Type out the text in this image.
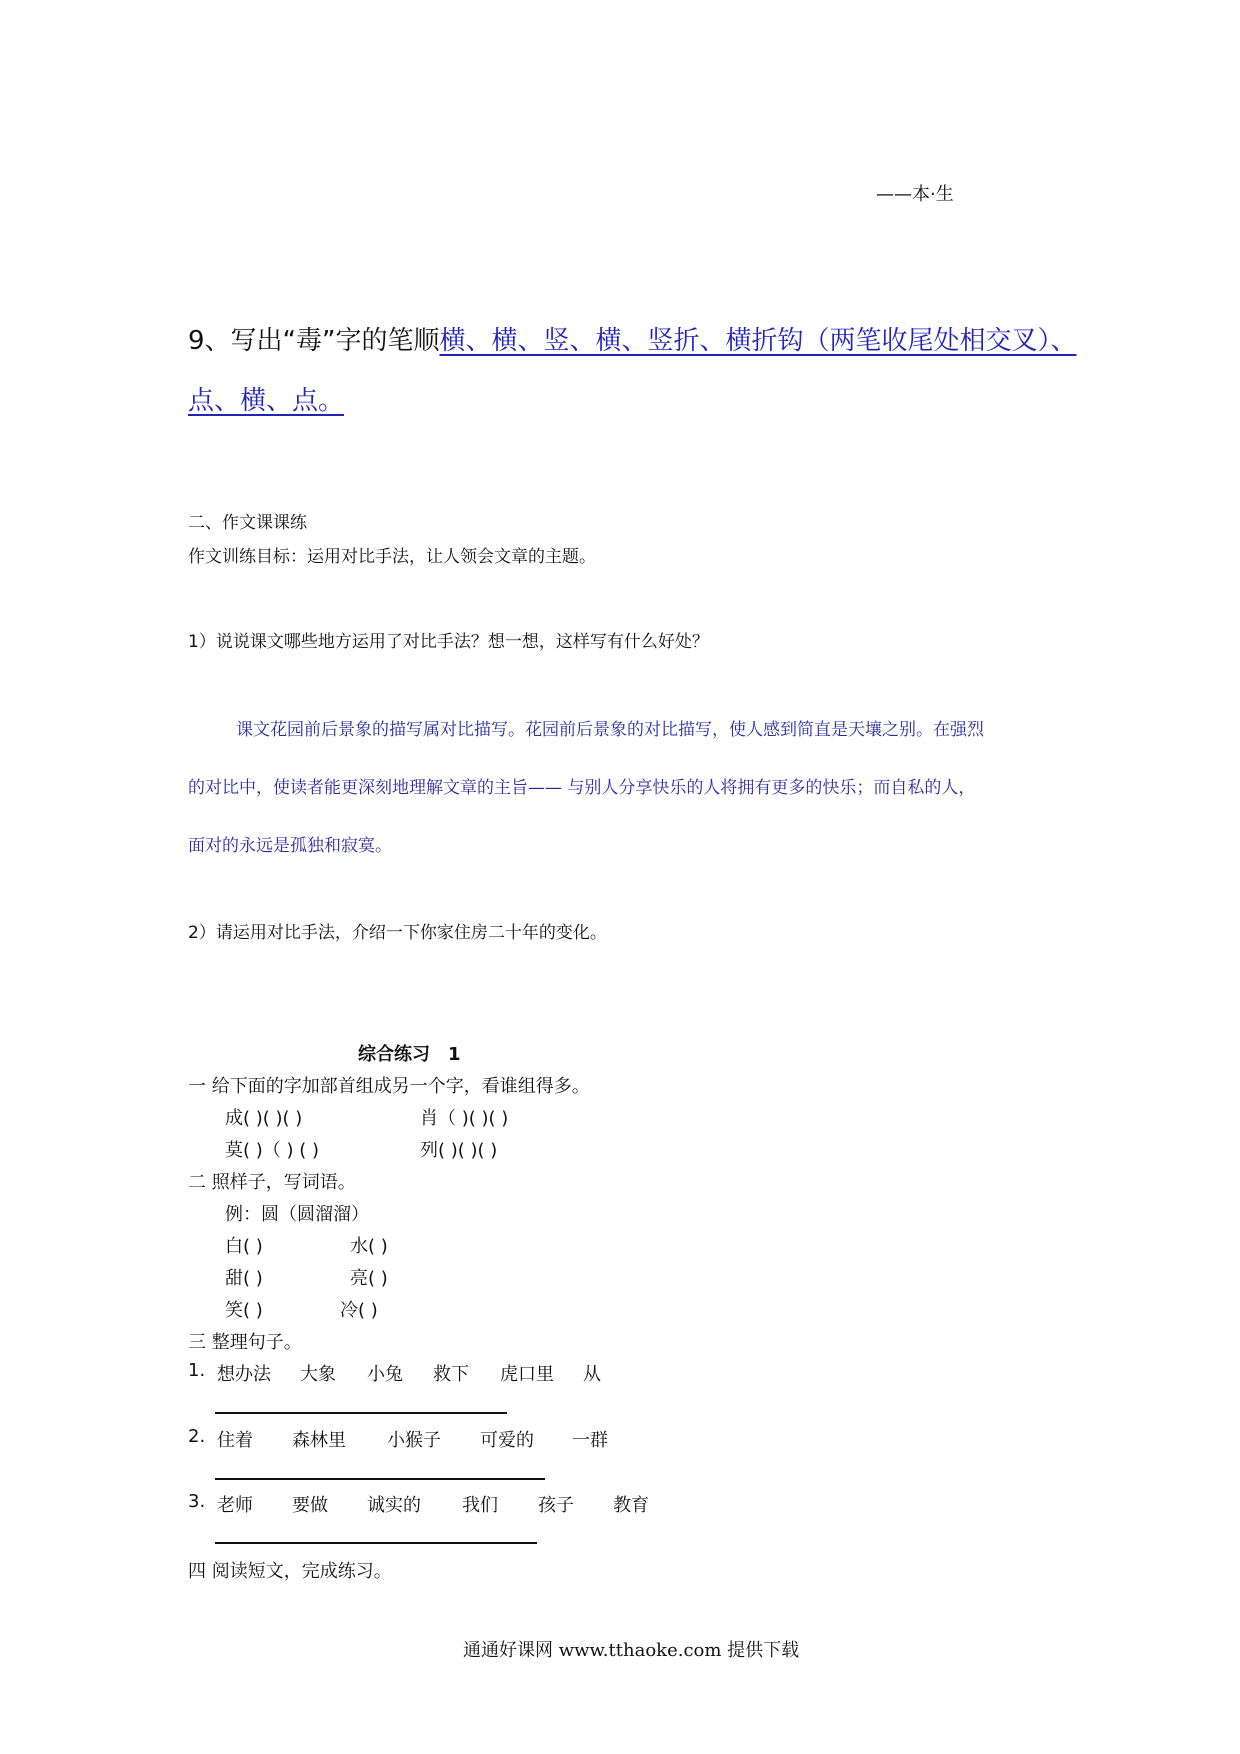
——本·生
9、写出“毒”字的笔顺横、横、竖、横、竖折、横折钩（两笔收尾处相交叉）、
点、横、点。
二、作文课课练
作文训练目标：运用对比手法，让人领会文章的主题。
1）说说课文哪些地方运用了对比手法？想一想，这样写有什么好处？
课文花园前后景象的描写属对比描写。花园前后景象的对比描写，使人感到简直是天壤之别。在强烈
的对比中，使读者能更深刻地理解文章的主旨—— 与别人分享快乐的人将拥有更多的快乐；而自私的人，
面对的永远是孤独和寂寞。
2）请运用对比手法，介绍一下你家住房二十年的变化。
综合练习　1
一 给下面的字加部首组成另一个字，看谁组得多。
成( )( )( )	肖（ )( )( )
莫( )（ ) ( )	列( )( )( )
二 照样子，写词语。
例：圆（圆溜溜）
白( )	水( )
甜( )	亮( )
笑( )	冷( )
三 整理句子。
1. 想办法 大象 小兔 救下 虎口里 从
2. 住着 森林里 小猴子 可爱的 一群
3. 老师 要做 诚实的 我们 孩子 教育
四 阅读短文，完成练习。
通通好课网 www.tthaoke.com 提供下载
